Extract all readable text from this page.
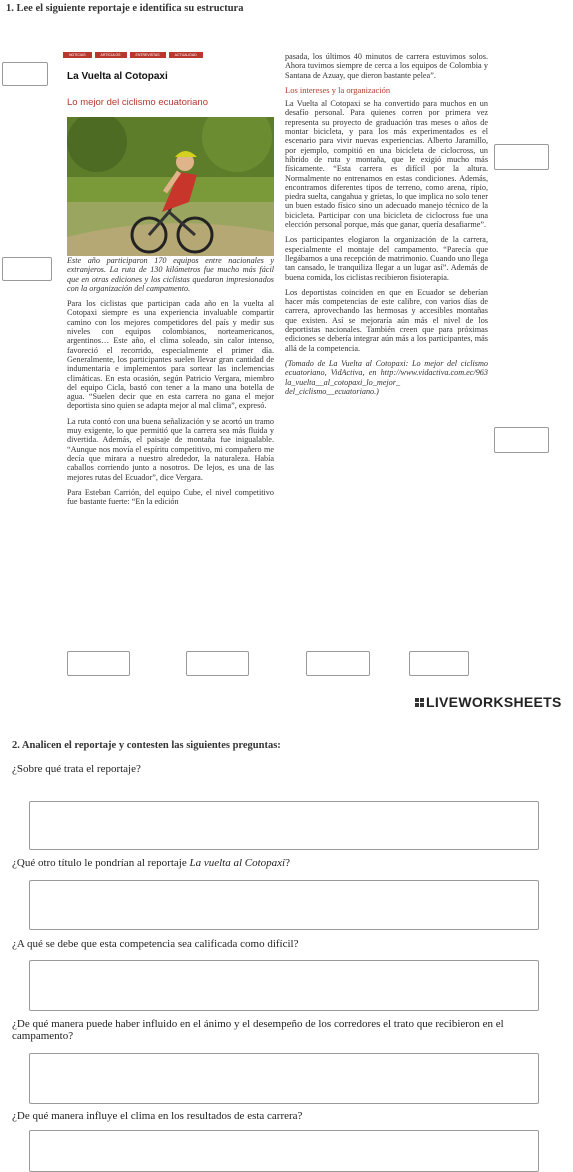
1. Lee el siguiente reportaje e identifica su estructura
NOTICIAS	ARTÍCULOS	ENTREVISTAS	ACTUALIDAD
La Vuelta al Cotopaxi
Lo mejor del ciclismo ecuatoriano

Este año participaron 170 equipos entre nacionales y extranjeros. La ruta de 130 kilómetros fue mucho más fácil que en otras ediciones y los ciclistas quedaron impresionados con la organización del campamento.

Para los ciclistas que participan cada año en la vuelta al Cotopaxi siempre es una experiencia invaluable compartir camino con los mejores competidores del país y medir sus niveles con equipos colombianos, norteamericanos, argentinos… Este año, el clima soleado, sin calor intenso, favoreció el recorrido, especialmente el primer día. Generalmente, los participantes suelen llevar gran cantidad de indumentaria e implementos para sortear las inclemencias climáticas. En esta ocasión, según Patricio Vergara, miembro del equipo Cicla, bastó con tener a la mano una botella de agua. “Suelen decir que en esta carrera no gana el mejor deportista sino quien se adapta mejor al mal clima”, expresó.

La ruta contó con una buena señalización y se acortó un tramo muy exigente, lo que permitió que la carrera sea más fluida y divertida. Además, el paisaje de montaña fue inigualable. “Aunque nos movía el espíritu competitivo, mi compañero me decía que mirara a nuestro alrededor, la naturaleza. Había caballos corriendo junto a nosotros. De lejos, es una de las mejores rutas del Ecuador”, dice Vergara.

Para Esteban Carrión, del equipo Cube, el nivel competitivo fue bastante fuerte: “En la edición

pasada, los últimos 40 minutos de carrera estuvimos solos. Ahora tuvimos siempre de cerca a los equipos de Colombia y Santana de Azuay, que dieron bastante pelea”.

Los intereses y la organización

La Vuelta al Cotopaxi se ha convertido para muchos en un desafío personal. Para quienes corren por primera vez representa su proyecto de graduación tras meses o años de montar bicicleta, y para los más experimentados es el escenario para vivir nuevas experiencias. Alberto Jaramillo, por ejemplo, compitió en una bicicleta de ciclocross, un híbrido de ruta y montaña, que le exigió mucho más físicamente. “Esta carrera es difícil por la altura. Normalmente no entrenamos en estas condiciones. Además, encontramos diferentes tipos de terreno, como arena, ripio, piedra suelta, cangahua y grietas, lo que implica no solo tener un buen estado físico sino un adecuado manejo técnico de la bicicleta. Participar con una bicicleta de ciclocross fue una elección personal porque, más que ganar, quería desafiarme”.

Los participantes elogiaron la organización de la carrera, especialmente el montaje del campamento. “Parecía que llegábamos a una recepción de matrimonio. Cuando uno llega tan cansado, le tranquiliza llegar a un lugar así”. Además de buena comida, los ciclistas recibieron fisioterapia.

Los deportistas coinciden en que en Ecuador se deberían hacer más competencias de este calibre, con varios días de carrera, aprovechando las hermosas y accesibles montañas que existen. Así se mejoraría aún más el nivel de los deportistas nacionales. También creen que para próximas ediciones se debería integrar aún más a los participantes, más allá de la competencia.

(Tomado de La Vuelta al Cotopaxi: Lo mejor del ciclismo ecuatoriano, VidActiva, en http://www.vidactiva.com.ec/963 la_vuelta__al_cotopaxi_lo_mejor_ del_ciclismo__ecuatoriano.)

LIVEWORKSHEETS
2. Analicen el reportaje y contesten las siguientes preguntas:
¿Sobre qué trata el reportaje?
¿Qué otro título le pondrían al reportaje La vuelta al Cotopaxi?
¿A qué se debe que esta competencia sea calificada como difícil?
¿De qué manera puede haber influido en el ánimo y el desempeño de los corredores el trato que recibieron en el campamento?
¿De qué manera influye el clima en los resultados de esta carrera?
